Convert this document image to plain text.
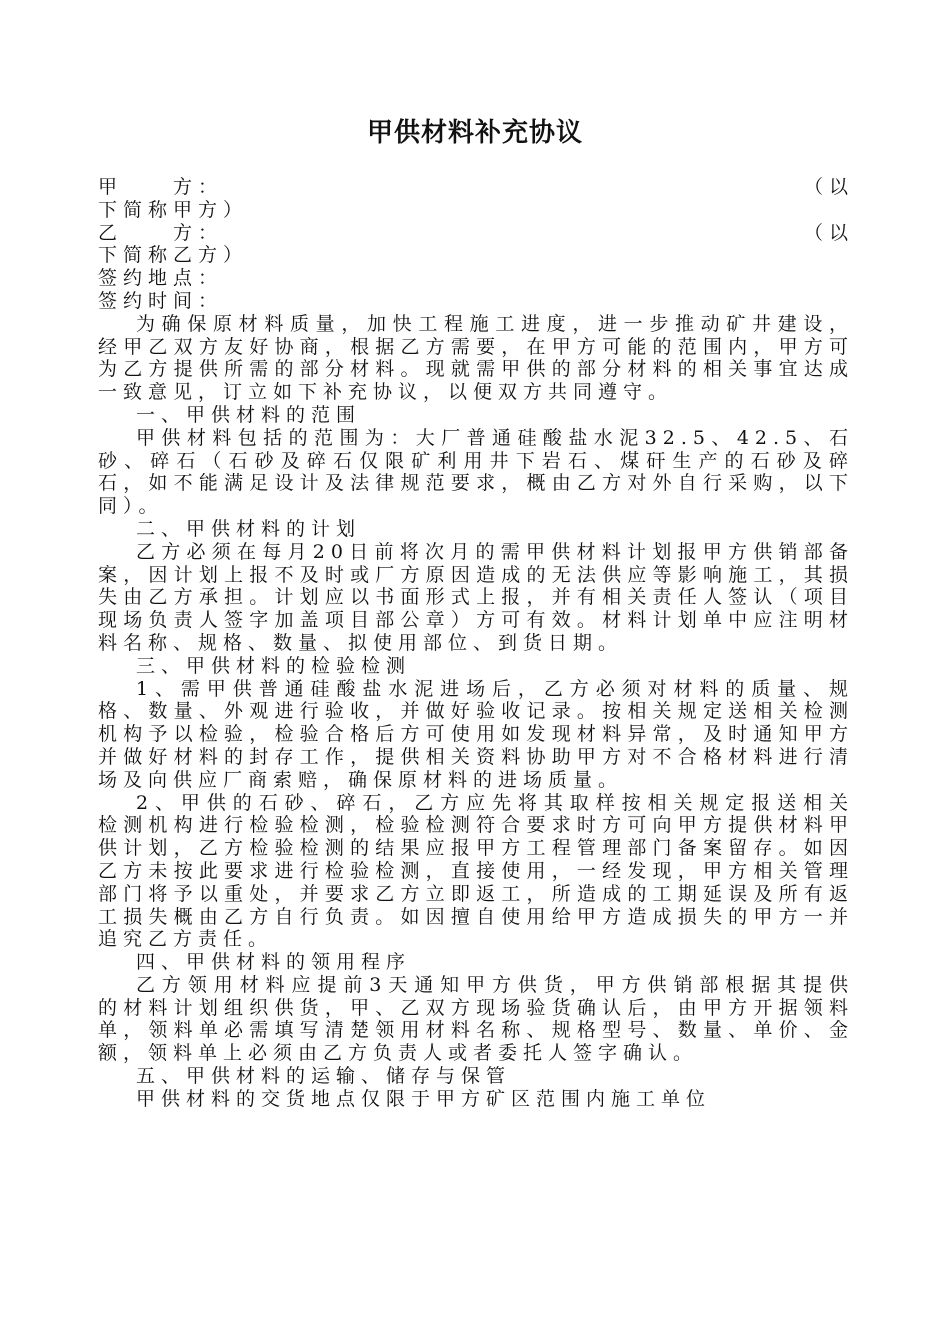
甲供材料补充协议
甲　　方：	（以
下简称甲方）
乙　　方：	（以
下简称乙方）
签约地点：
签约时间：

为确保原材料质量，加快工程施工进度，进一步推动矿井建设，经甲乙双方友好协商，根据乙方需要，在甲方可能的范围内，甲方可为乙方提供所需的部分材料。现就需甲供的部分材料的相关事宜达成一致意见，订立如下补充协议，以便双方共同遵守。

一、甲供材料的范围

甲供材料包括的范围为：大厂普通硅酸盐水泥32.5、42.5、石砂、碎石（石砂及碎石仅限矿利用井下岩石、煤矸生产的石砂及碎石，如不能满足设计及法律规范要求，概由乙方对外自行采购，以下同）。

二、甲供材料的计划

乙方必须在每月20日前将次月的需甲供材料计划报甲方供销部备案，因计划上报不及时或厂方原因造成的无法供应等影响施工，其损失由乙方承担。计划应以书面形式上报，并有相关责任人签认（项目现场负责人签字加盖项目部公章）方可有效。材料计划单中应注明材料名称、规格、数量、拟使用部位、到货日期。

三、甲供材料的检验检测

1、需甲供普通硅酸盐水泥进场后，乙方必须对材料的质量、规格、数量、外观进行验收，并做好验收记录。按相关规定送相关检测机构予以检验，检验合格后方可使用如发现材料异常，及时通知甲方并做好材料的封存工作，提供相关资料协助甲方对不合格材料进行清场及向供应厂商索赔，确保原材料的进场质量。

2、甲供的石砂、碎石，乙方应先将其取样按相关规定报送相关检测机构进行检验检测，检验检测符合要求时方可向甲方提供材料甲供计划，乙方检验检测的结果应报甲方工程管理部门备案留存。如因乙方未按此要求进行检验检测，直接使用，一经发现，甲方相关管理部门将予以重处，并要求乙方立即返工，所造成的工期延误及所有返工损失概由乙方自行负责。如因擅自使用给甲方造成损失的甲方一并追究乙方责任。

四、甲供材料的领用程序

乙方领用材料应提前3天通知甲方供货，甲方供销部根据其提供的材料计划组织供货，甲、乙双方现场验货确认后，由甲方开据领料单，领料单必需填写清楚领用材料名称、规格型号、数量、单价、金额，领料单上必须由乙方负责人或者委托人签字确认。

五、甲供材料的运输、储存与保管

甲供材料的交货地点仅限于甲方矿区范围内施工单位
